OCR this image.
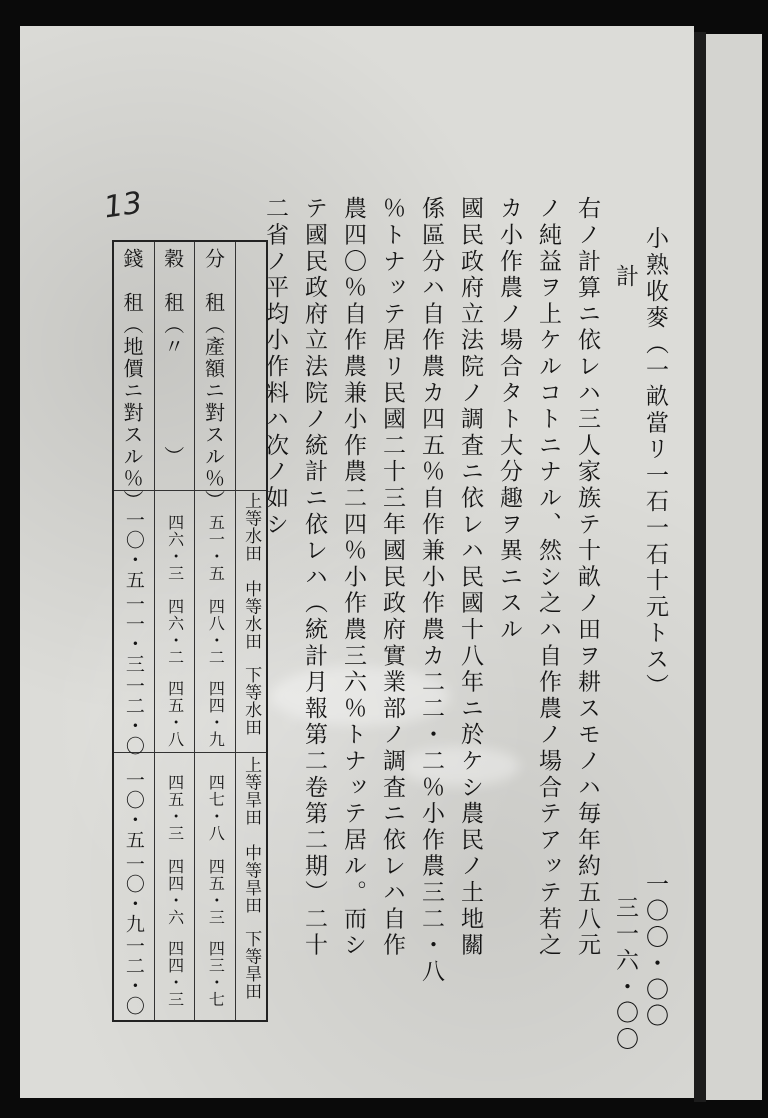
小熟收麥（一畝當リ一石一石十元トス）　　　　　　　一〇〇・〇〇
計　　　　　　　　　　　　　　　　　　　　　　　三一六・〇〇
右ノ計算ニ依レハ三人家族テ十畝ノ田ヲ耕スモノハ毎年約五八元
ノ純益ヲ上ケルコトニナル、然シ之ハ自作農ノ場合テアッテ若之
カ小作農ノ場合タト大分趣ヲ異ニスル
國民政府立法院ノ調査ニ依レハ民國十八年ニ於ケシ農民ノ土地關
係區分ハ自作農カ四五％自作兼小作農カ二二・二％小作農三二・八
％トナッテ居リ民國二十三年國民政府實業部ノ調査ニ依レハ自作
農四〇％自作農兼小作農二四％小作農三六％トナッテ居ル。而シ
テ國民政府立法院ノ統計ニ依レハ（統計月報第二卷第二期）二十
二省ノ平均小作料ハ次ノ如シ
13
上等水田
中等水田
下等水田
上等旱田
中等旱田
下等旱田
分　租（產額ニ對スル％）
五一・五
四八・二
四四・九
四七・八
四五・三
四三・七
穀　租（〃　　　　）
四六・三
四六・二
四五・八
四五・三
四四・六
四四・三
錢　租（地價ニ對スル％）
一〇・五
一一・三
一二・〇
一〇・五
一〇・九
一二・〇
